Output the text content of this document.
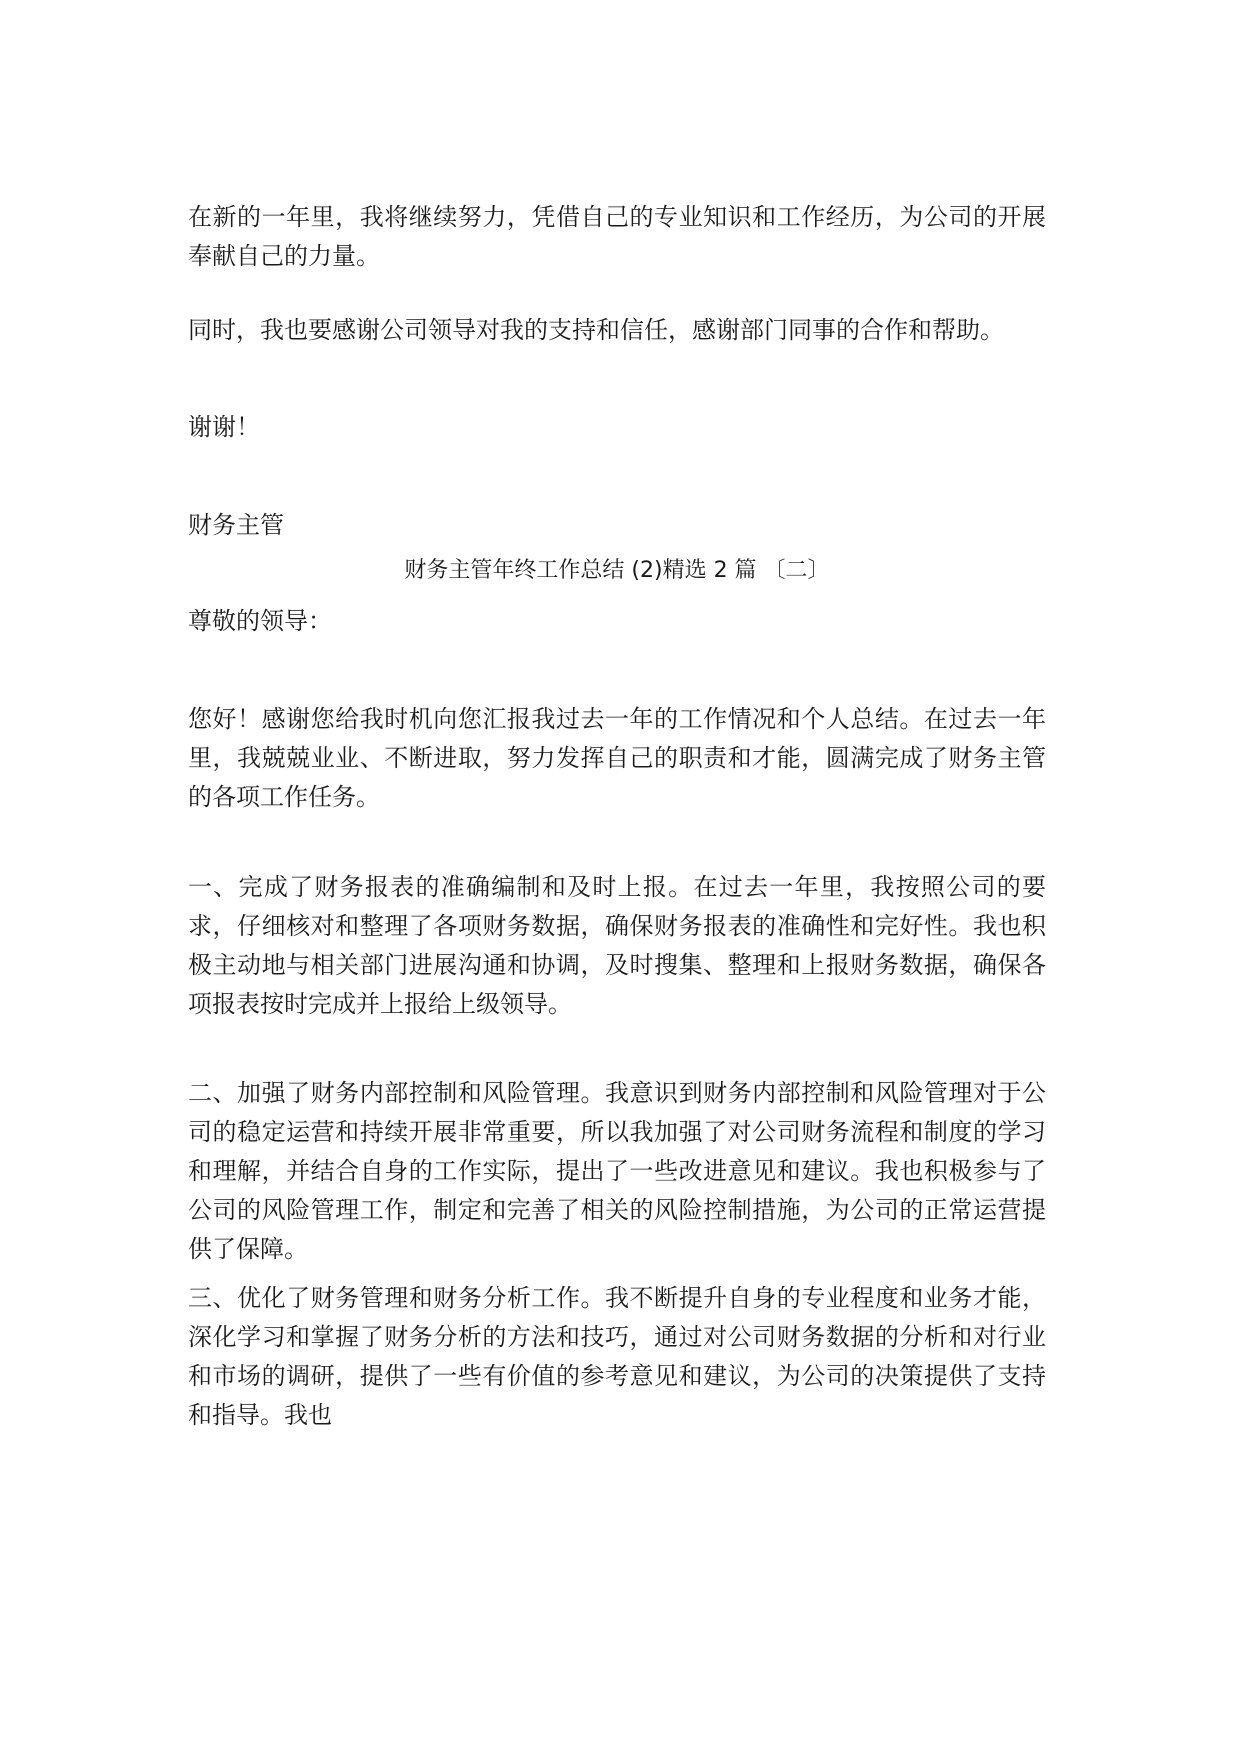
在新的一年里，我将继续努力，凭借自己的专业知识和工作经历，为公司的开展奉献自己的力量。

同时，我也要感谢公司领导对我的支持和信任，感谢部门同事的合作和帮助。

谢谢！

财务主管

财务主管年终工作总结 (2)精选 2 篇 〔二〕

尊敬的领导：

您好！感谢您给我时机向您汇报我过去一年的工作情况和个人总结。在过去一年里，我兢兢业业、不断进取，努力发挥自己的职责和才能，圆满完成了财务主管的各项工作任务。

一、完成了财务报表的准确编制和及时上报。在过去一年里，我按照公司的要求，仔细核对和整理了各项财务数据，确保财务报表的准确性和完好性。我也积极主动地与相关部门进展沟通和协调，及时搜集、整理和上报财务数据，确保各项报表按时完成并上报给上级领导。

二、加强了财务内部控制和风险管理。我意识到财务内部控制和风险管理对于公司的稳定运营和持续开展非常重要，所以我加强了对公司财务流程和制度的学习和理解，并结合自身的工作实际，提出了一些改进意见和建议。我也积极参与了公司的风险管理工作，制定和完善了相关的风险控制措施，为公司的正常运营提供了保障。

三、优化了财务管理和财务分析工作。我不断提升自身的专业程度和业务才能，深化学习和掌握了财务分析的方法和技巧，通过对公司财务数据的分析和对行业和市场的调研，提供了一些有价值的参考意见和建议，为公司的决策提供了支持和指导。我也
